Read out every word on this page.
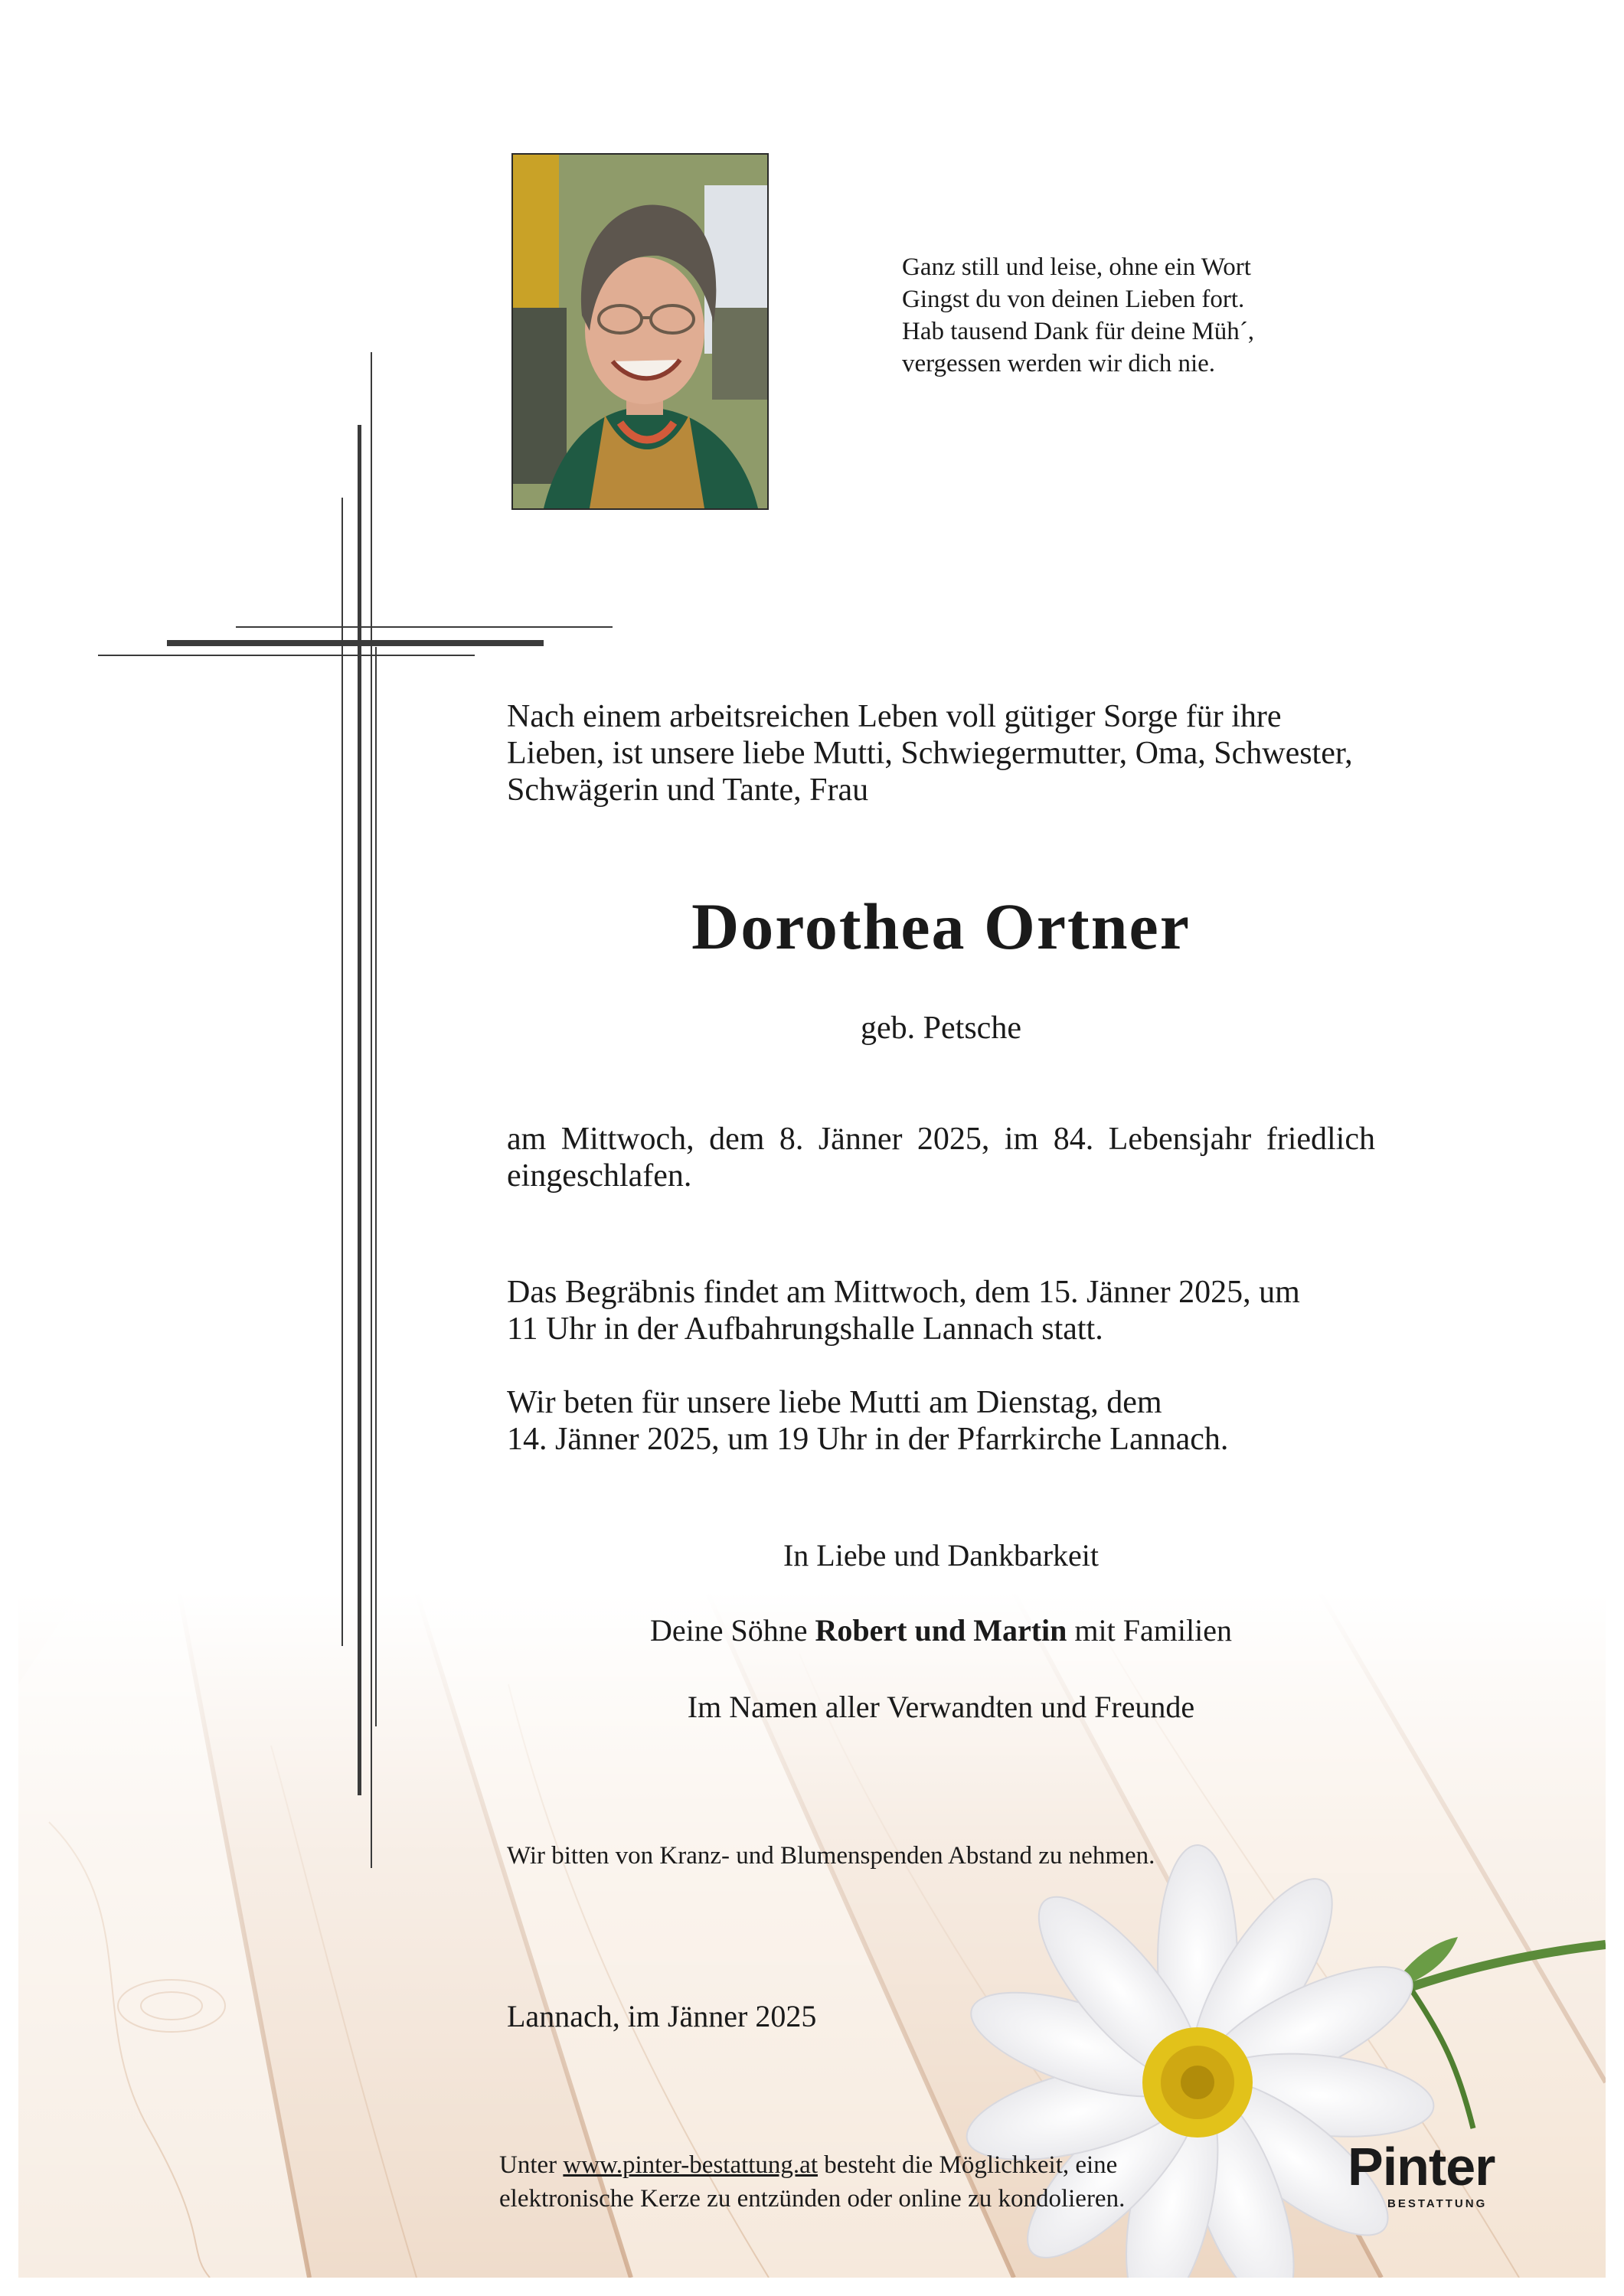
Ganz still und leise, ohne ein Wort
Gingst du von deinen Lieben fort.
Hab tausend Dank für deine Müh´,
vergessen werden wir dich nie.
Nach einem arbeitsreichen Leben voll gütiger Sorge für ihre
Lieben, ist unsere liebe Mutti, Schwiegermutter, Oma, Schwester,
Schwägerin und Tante, Frau
Dorothea Ortner
geb. Petsche
am Mittwoch, dem 8. Jänner 2025, im 84. Lebensjahr friedlich
eingeschlafen.
Das Begräbnis findet am Mittwoch, dem 15. Jänner 2025, um
11 Uhr in der Aufbahrungshalle Lannach statt.
Wir beten für unsere liebe Mutti am Dienstag, dem
14. Jänner 2025, um 19 Uhr in der Pfarrkirche Lannach.
In Liebe und Dankbarkeit
Deine Söhne Robert und Martin mit Familien
Im Namen aller Verwandten und Freunde
Wir bitten von Kranz- und Blumenspenden Abstand zu nehmen.
Lannach, im Jänner 2025
Unter www.pinter-bestattung.at besteht die Möglichkeit, eine
elektronische Kerze zu entzünden oder online zu kondolieren.
Pinter
BESTATTUNG
